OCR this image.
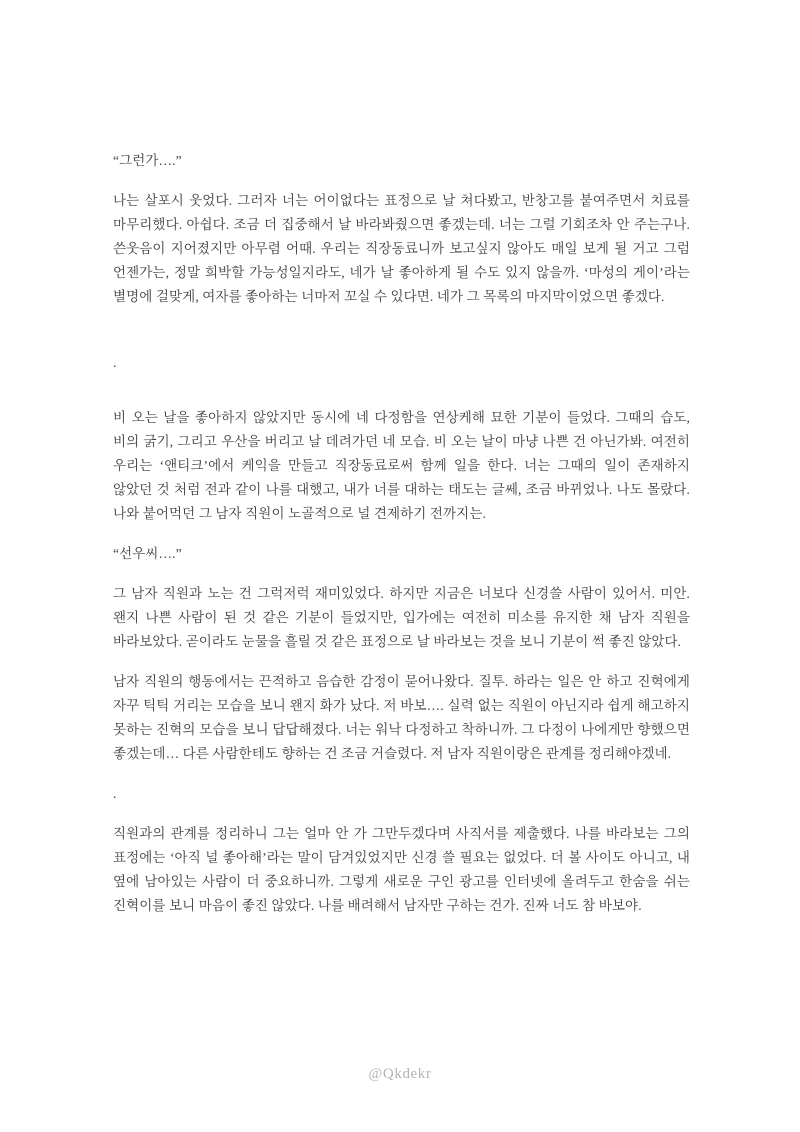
“그런가….”

나는 살포시 웃었다. 그러자 너는 어이없다는 표정으로 날 쳐다봤고, 반창고를 붙여주면서 치료를 마무리했다. 아쉽다. 조금 더 집중해서 날 바라봐줬으면 좋겠는데. 너는 그럴 기회조차 안 주는구나. 쓴웃음이 지어졌지만 아무렴 어때. 우리는 직장동료니까 보고싶지 않아도 매일 보게 될 거고 그럼 언젠가는, 정말 희박할 가능성일지라도, 네가 날 좋아하게 될 수도 있지 않을까. ‘마성의 게이’라는 별명에 걸맞게, 여자를 좋아하는 너마저 꼬실 수 있다면. 네가 그 목록의 마지막이었으면 좋겠다.

.

비 오는 날을 좋아하지 않았지만 동시에 네 다정함을 연상케해 묘한 기분이 들었다. 그때의 습도, 비의 굵기, 그리고 우산을 버리고 날 데려가던 네 모습. 비 오는 날이 마냥 나쁜 건 아닌가봐. 여전히 우리는 ‘앤티크’에서 케익을 만들고 직장동료로써 함께 일을 한다. 너는 그때의 일이 존재하지 않았던 것 처럼 전과 같이 나를 대했고, 내가 너를 대하는 태도는 글쎄, 조금 바뀌었나. 나도 몰랐다. 나와 붙어먹던 그 남자 직원이 노골적으로 널 견제하기 전까지는.

“선우씨….”

그 남자 직원과 노는 건 그럭저럭 재미있었다. 하지만 지금은 너보다 신경쓸 사람이 있어서. 미안. 왠지 나쁜 사람이 된 것 같은 기분이 들었지만, 입가에는 여전히 미소를 유지한 채 남자 직원을 바라보았다. 곧이라도 눈물을 흘릴 것 같은 표정으로 날 바라보는 것을 보니 기분이 썩 좋진 않았다.

남자 직원의 행동에서는 끈적하고 음습한 감정이 묻어나왔다. 질투. 하라는 일은 안 하고 진혁에게 자꾸 틱틱 거리는 모습을 보니 왠지 화가 났다. 저 바보…. 실력 없는 직원이 아닌지라 쉽게 해고하지 못하는 진혁의 모습을 보니 답답해졌다. 너는 워낙 다정하고 착하니까. 그 다정이 나에게만 향했으면 좋겠는데… 다른 사람한테도 향하는 건 조금 거슬렸다. 저 남자 직원이랑은 관계를 정리해야겠네.

.

직원과의 관계를 정리하니 그는 얼마 안 가 그만두겠다며 사직서를 제출했다. 나를 바라보는 그의 표정에는 ‘아직 널 좋아해’라는 말이 담겨있었지만 신경 쓸 필요는 없었다. 더 볼 사이도 아니고, 내 옆에 남아있는 사람이 더 중요하니까. 그렇게 새로운 구인 광고를 인터넷에 올려두고 한숨을 쉬는 진혁이를 보니 마음이 좋진 않았다. 나를 배려해서 남자만 구하는 건가. 진짜 너도 참 바보야.

@Qkdekr
